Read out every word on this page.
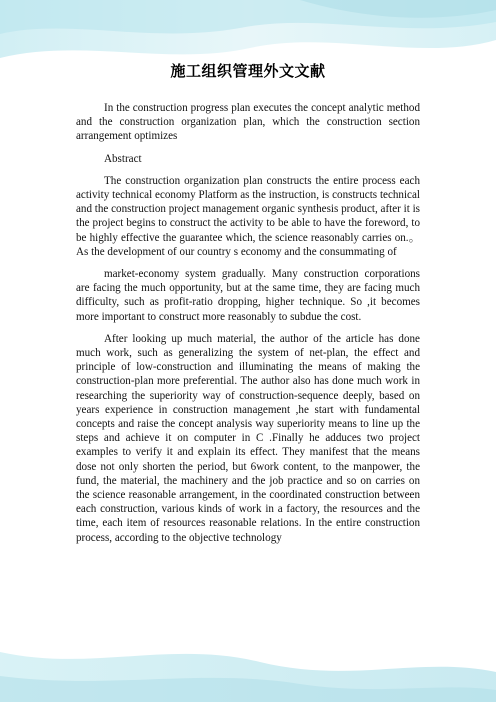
施工组织管理外文文献

In the construction progress plan executes the concept analytic method and the construction organization plan, which the construction section arrangement optimizes

Abstract

The construction organization plan constructs the entire process each activity technical economy Platform as the instruction, is constructs technical and the construction project management organic synthesis product, after it is the project begins to construct the activity to be able to have the foreword, to be highly effective the guarantee which, the science reasonably carries on.。As the development of our country s economy and the consummating of

market-economy system gradually. Many construction corporations are facing the much opportunity, but at the same time, they are facing much difficulty, such as profit-ratio dropping, higher technique. So ,it becomes more important to construct more reasonably to subdue the cost.

After looking up much material, the author of the article has done much work, such as generalizing the system of net-plan, the effect and principle of low-construction and illuminating the means of making the construction-plan more preferential. The author also has done much work in researching the superiority way of construction-sequence deeply, based on years experience in construction management ,he start with fundamental concepts and raise the concept analysis way superiority means to line up the steps and achieve it on computer in C .Finally he adduces two project examples to verify it and explain its effect. They manifest that the means dose not only shorten the period, but 6work content, to the manpower, the fund, the material, the machinery and the job practice and so on carries on the science reasonable arrangement, in the coordinated construction between each construction, various kinds of work in a factory, the resources and the time, each item of resources reasonable relations. In the entire construction process, according to the objective technology
